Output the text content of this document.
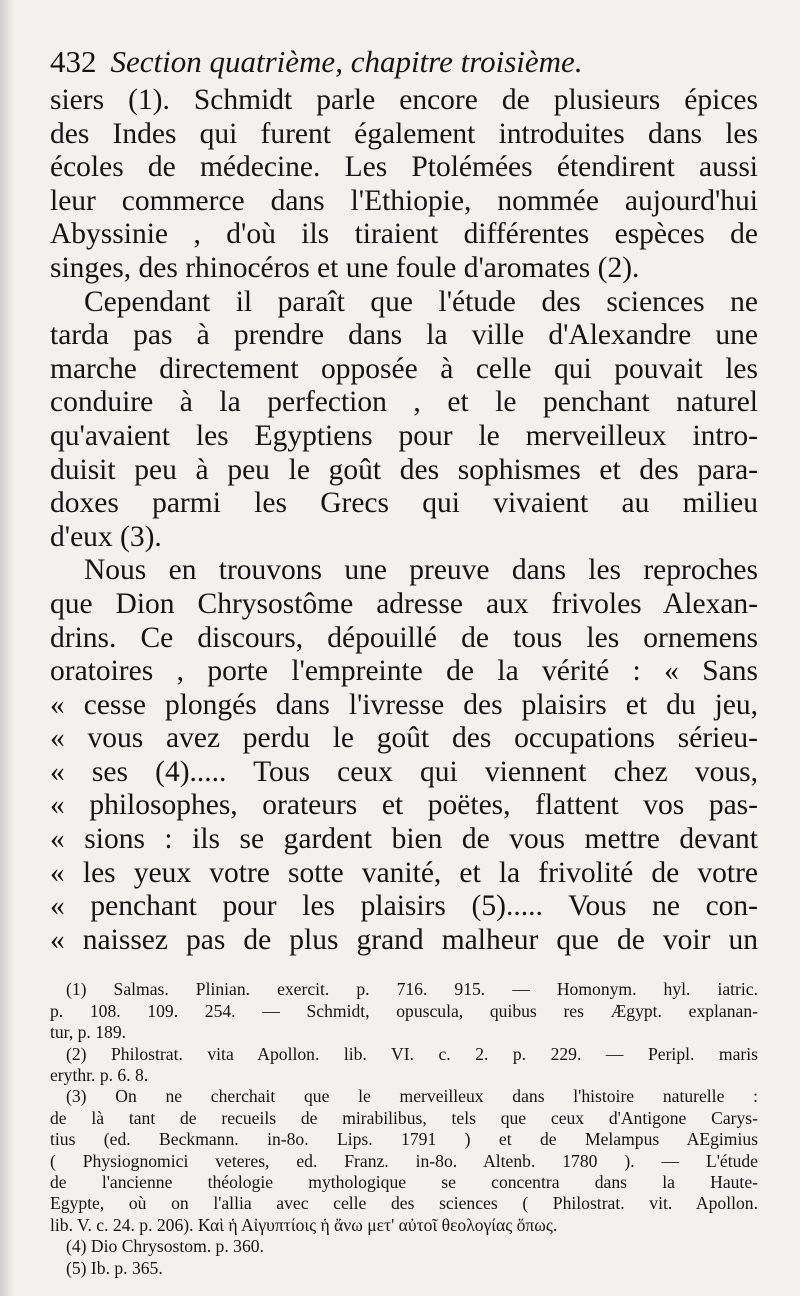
432 Section quatrième, chapitre troisième.
siers (1). Schmidt parle encore de plusieurs épices
des Indes qui furent également introduites dans les
écoles de médecine. Les Ptolémées étendirent aussi
leur commerce dans l'Ethiopie, nommée aujourd'hui
Abyssinie , d'où ils tiraient différentes espèces de
singes, des rhinocéros et une foule d'aromates (2).
Cependant il paraît que l'étude des sciences ne
tarda pas à prendre dans la ville d'Alexandre une
marche directement opposée à celle qui pouvait les
conduire à la perfection , et le penchant naturel
qu'avaient les Egyptiens pour le merveilleux intro-
duisit peu à peu le goût des sophismes et des para-
doxes parmi les Grecs qui vivaient au milieu
d'eux (3).
Nous en trouvons une preuve dans les reproches
que Dion Chrysostôme adresse aux frivoles Alexan-
drins. Ce discours, dépouillé de tous les ornemens
oratoires , porte l'empreinte de la vérité : « Sans
« cesse plongés dans l'ivresse des plaisirs et du jeu,
« vous avez perdu le goût des occupations sérieu-
« ses (4)..... Tous ceux qui viennent chez vous,
« philosophes, orateurs et poëtes, flattent vos pas-
« sions : ils se gardent bien de vous mettre devant
« les yeux votre sotte vanité, et la frivolité de votre
« penchant pour les plaisirs (5)..... Vous ne con-
« naissez pas de plus grand malheur que de voir un
(1) Salmas. Plinian. exercit. p. 716. 915. — Homonym. hyl. iatric.
p. 108. 109. 254. — Schmidt, opuscula, quibus res Ægypt. explanan-
tur, p. 189.
(2) Philostrat. vita Apollon. lib. VI. c. 2. p. 229. — Peripl. maris
erythr. p. 6. 8.
(3) On ne cherchait que le merveilleux dans l'histoire naturelle :
de là tant de recueils de mirabilibus, tels que ceux d'Antigone Carys-
tius (ed. Beckmann. in-8o. Lips. 1791 ) et de Melampus AEgimius
( Physiognomici veteres, ed. Franz. in-8o. Altenb. 1780 ). — L'étude
de l'ancienne théologie mythologique se concentra dans la Haute-
Egypte, où on l'allia avec celle des sciences ( Philostrat. vit. Apollon.
lib. V. c. 24. p. 206). Καὶ ἡ Αἰγυπτίοις ἡ ἄνω μετ' αὐτοῖ θεολογίας ὅπως.
(4) Dio Chrysostom. p. 360.
(5) Ib. p. 365.
